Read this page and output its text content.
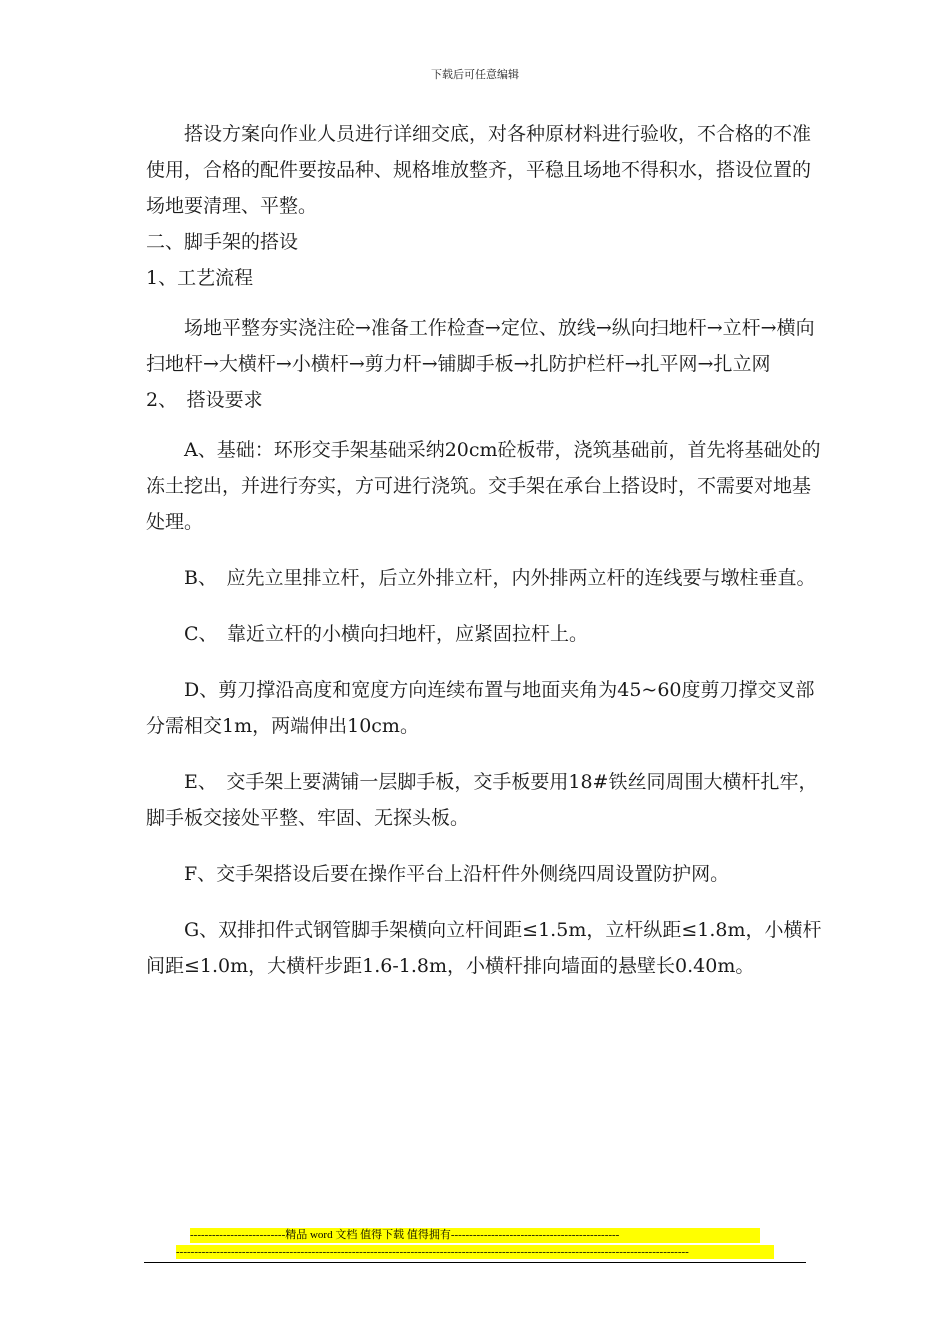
下载后可任意编辑

搭设方案向作业人员进行详细交底，对各种原材料进行验收，不合格的不准使用，合格的配件要按品种、规格堆放整齐，平稳且场地不得积水，搭设位置的场地要清理、平整。

二、脚手架的搭设

1、工艺流程

场地平整夯实浇注砼→准备工作检查→定位、放线→纵向扫地杆→立杆→横向扫地杆→大横杆→小横杆→剪力杆→铺脚手板→扎防护栏杆→扎平网→扎立网

2、　搭设要求

A、基础：环形交手架基础采纳20cm砼板带，浇筑基础前，首先将基础处的冻土挖出，并进行夯实，方可进行浇筑。交手架在承台上搭设时，不需要对地基处理。

B、　应先立里排立杆，后立外排立杆，内外排两立杆的连线要与墩柱垂直。

C、　靠近立杆的小横向扫地杆，应紧固拉杆上。

D、剪刀撑沿高度和宽度方向连续布置与地面夹角为45~60度剪刀撑交叉部分需相交1m，两端伸出10cm。

E、　交手架上要满铺一层脚手板，交手板要用18#铁丝同周围大横杆扎牢，脚手板交接处平整、牢固、无探头板。

F、交手架搭设后要在操作平台上沿杆件外侧绕四周设置防护网。

G、双排扣件式钢管脚手架横向立杆间距≤1.5m，立杆纵距≤1.8m，小横杆间距≤1.0m，大横杆步距1.6-1.8m，小横杆排向墙面的悬壁长0.40m。

--------------------------精品 word 文档 值得下载 值得拥有----------------------------------------------
--------------------------------------------------------------------------------------------------------------------------------------------
